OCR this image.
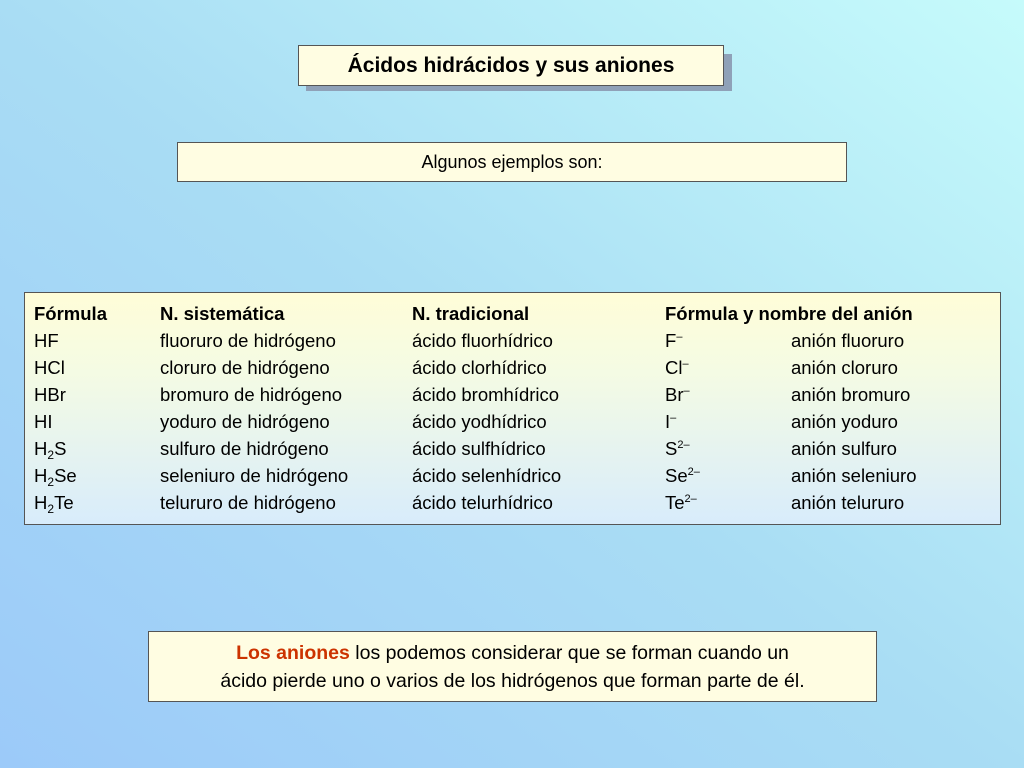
Ácidos hidrácidos y sus aniones
Algunos ejemplos son:
Fórmula	N. sistemática	N. tradicional	Fórmula y nombre del anión
HF	fluoruro de hidrógeno	ácido fluorhídrico	F–	anión fluoruro
HCl	cloruro de hidrógeno	ácido clorhídrico	Cl–	anión cloruro
HBr	bromuro de hidrógeno	ácido bromhídrico	Br–	anión bromuro
HI	yoduro de hidrógeno	ácido yodhídrico	I–	anión yoduro
$H_2S$	sulfuro de hidrógeno	ácido sulfhídrico	$S^{2-}$	anión sulfuro
$H_2Se$	seleniuro de hidrógeno	ácido selenhídrico	$Se^{2-}$	anión seleniuro
$H_2Te$	telururo de hidrógeno	ácido telurhídrico	$Te^{2-}$	anión telururo
Los aniones los podemos considerar que se forman cuando un
ácido pierde uno o varios de los hidrógenos que forman parte de él.
